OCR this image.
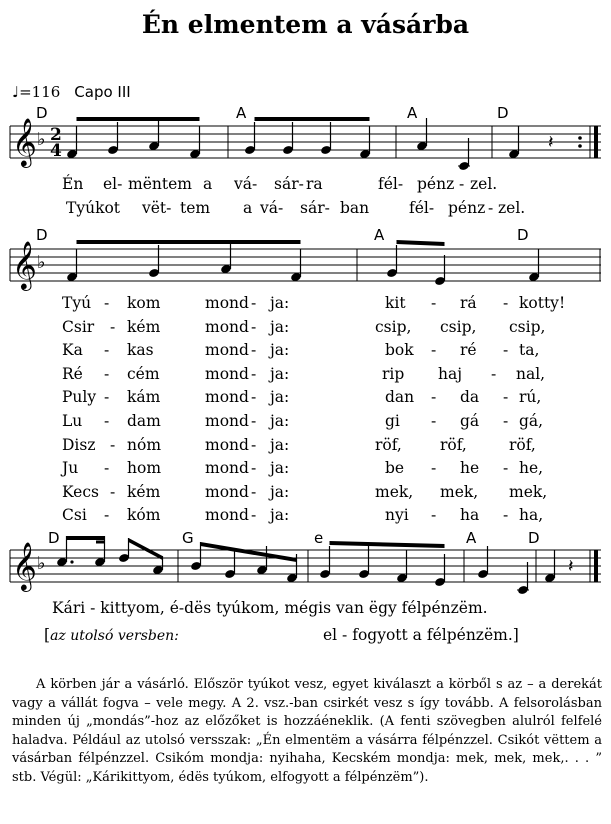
Én elmentem a vásárba
♩=116 Capo III
D	A	A	D
D	A	D
D	G	e	A	D
𝄞 ♭
𝄞 ♭
𝄞 ♭
2
4	𝄽
𝄽
Én el- mëntem a vá- sár- ra	fél- pénz - zel.
Tyúkot vët- tem a vá- sár- ban	fél- pénz - zel.
Tyú - kom	mond - ja:	kit - rá - kotty!
Csir - kém	mond - ja:	csip, csip, csip,
Ka - kas	mond - ja:	bok - ré - ta,
Ré - cém	mond - ja:	rip haj - nal,
Puly - kám	mond - ja:	dan - da - rú,
Lu - dam	mond - ja:	gi - gá - gá,
Disz - nóm	mond - ja:	röf, röf,	röf,
Ju - hom	mond - ja:	be - he - he,
Kecs - kém	mond - ja:	mek, mek, mek,
Csi - kóm	mond - ja:	nyi - ha - ha,
Kári - kittyom, é-dës tyúkom, mégis van ëgy félpénzëm.
[az utolsó versben:	el - fogyott a félpénzëm.]
A körben jár a vásárló. Először tyúkot vesz, egyet kiválaszt a körből s az – a derekát vagy a vállát fogva – vele megy. A 2. vsz.-ban csirkét vesz s így tovább. A felsorolásban minden új „mondás”-hoz az előzőket is hozzáéneklik. (A fenti szövegben alulról felfelé haladva. Például az utolsó versszak: „Én elmentëm a vásárra félpénzzel. Csikót vëttem a vásárban félpénzzel. Csikóm mondja: nyihaha, Kecském mondja: mek, mek, mek,. . . ” stb. Végül: „Kárikittyom, édës tyúkom, elfogyott a félpénzëm”).
